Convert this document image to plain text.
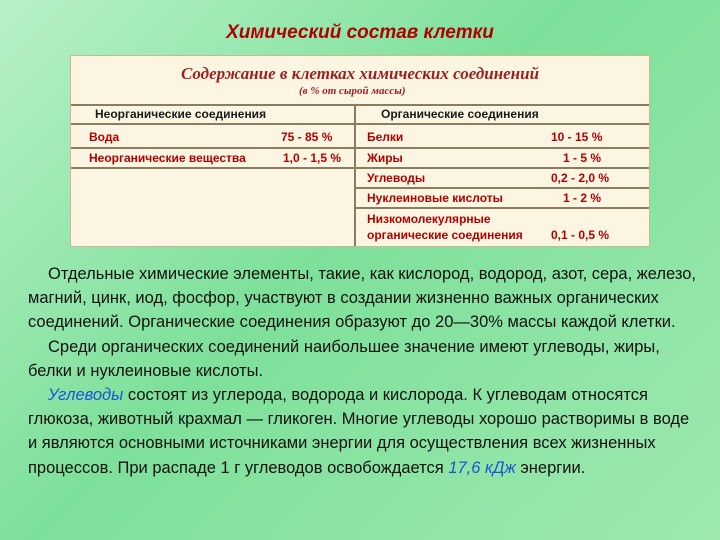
Химический состав клетки
Содержание в клетках химических соединений
(в % от сырой массы)
Неорганические соединения	Органические соединения
Вода	75 - 85 %
Неорганические вещества	1,0 - 1,5 %
Белки	10 - 15 %
Жиры	1 - 5 %
Углеводы	0,2 - 2,0 %
Нуклеиновые кислоты	1 - 2 %
Низкомолекулярные
органические соединения 0,1 - 0,5 %

Отдельные химические элементы, такие, как кислород, водород, азот, сера, железо, магний, цинк, иод, фосфор, участвуют в создании жизненно важных органических соединений. Органические соединения образуют до 20—30% массы каждой клетки.

Среди органических соединений наибольшее значение имеют углеводы, жиры, белки и нуклеиновые кислоты.

Углеводы состоят из углерода, водорода и кислорода. К углеводам относятся глюкоза, животный крахмал — гликоген. Многие углеводы хорошо растворимы в воде и являются основными источниками энергии для осуществления всех жизненных процессов. При распаде 1 г углеводов освобождается 17,6 кДж энергии.
